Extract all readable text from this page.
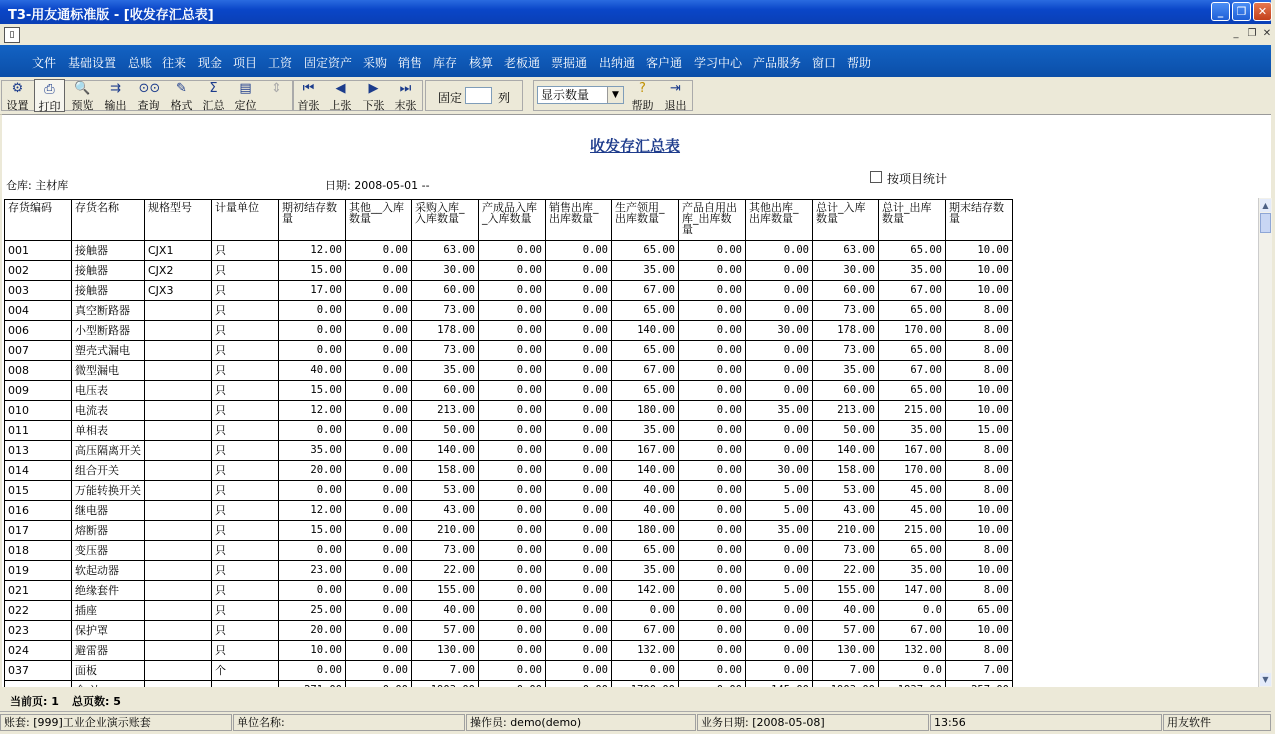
T3-用友通标准版 - [收发存汇总表]	_	❐	✕
▯	_ ❐ ✕
文件 基础设置 总账 往来 现金 项目 工资 固定资产 采购 销售 库存 核算 老板通 票据通 出纳通 客户通 学习中心 产品服务 窗口 帮助
⚙
设置
⎙
打印
🔍
预览
⇉
输出
⊙⊙
查询
✎
格式
Σ
汇总
▤
定位
⇕	⏮
首张
◀
上张
▶
下张
⏭
末张
固定	列	显示数量	▼	?
帮助
⇥
退出
收发存汇总表
仓库: 主材库	日期: 2008-05-01 --	按项目统计
存货编码	存货名称	规格型号	计量单位	期初结存数量	其他__入库数量	采购入库_入库数量	产成品入库_入库数量	销售出库_出库数量	生产领用_出库数量	产品自用出库_出库数量	其他出库_出库数量	总计_入库数量	总计_出库数量	期末结存数量
001	接触器	CJX1	只	12.00	0.00	63.00	0.00	0.00	65.00	0.00	0.00	63.00	65.00	10.00
002	接触器	CJX2	只	15.00	0.00	30.00	0.00	0.00	35.00	0.00	0.00	30.00	35.00	10.00
003	接触器	CJX3	只	17.00	0.00	60.00	0.00	0.00	67.00	0.00	0.00	60.00	67.00	10.00
004	真空断路器		只	0.00	0.00	73.00	0.00	0.00	65.00	0.00	0.00	73.00	65.00	8.00
006	小型断路器		只	0.00	0.00	178.00	0.00	0.00	140.00	0.00	30.00	178.00	170.00	8.00
007	塑壳式漏电		只	0.00	0.00	73.00	0.00	0.00	65.00	0.00	0.00	73.00	65.00	8.00
008	微型漏电		只	40.00	0.00	35.00	0.00	0.00	67.00	0.00	0.00	35.00	67.00	8.00
009	电压表		只	15.00	0.00	60.00	0.00	0.00	65.00	0.00	0.00	60.00	65.00	10.00
010	电流表		只	12.00	0.00	213.00	0.00	0.00	180.00	0.00	35.00	213.00	215.00	10.00
011	单相表		只	0.00	0.00	50.00	0.00	0.00	35.00	0.00	0.00	50.00	35.00	15.00
013	高压隔离开关		只	35.00	0.00	140.00	0.00	0.00	167.00	0.00	0.00	140.00	167.00	8.00
014	组合开关		只	20.00	0.00	158.00	0.00	0.00	140.00	0.00	30.00	158.00	170.00	8.00
015	万能转换开关		只	0.00	0.00	53.00	0.00	0.00	40.00	0.00	5.00	53.00	45.00	8.00
016	继电器		只	12.00	0.00	43.00	0.00	0.00	40.00	0.00	5.00	43.00	45.00	10.00
017	熔断器		只	15.00	0.00	210.00	0.00	0.00	180.00	0.00	35.00	210.00	215.00	10.00
018	变压器		只	0.00	0.00	73.00	0.00	0.00	65.00	0.00	0.00	73.00	65.00	8.00
019	软起动器		只	23.00	0.00	22.00	0.00	0.00	35.00	0.00	0.00	22.00	35.00	10.00
021	绝缘套件		只	0.00	0.00	155.00	0.00	0.00	142.00	0.00	5.00	155.00	147.00	8.00
022	插座		只	25.00	0.00	40.00	0.00	0.00	0.00	0.00	0.00	40.00	0.0	65.00
023	保护罩		只	20.00	0.00	57.00	0.00	0.00	67.00	0.00	0.00	57.00	67.00	10.00
024	避雷器		只	10.00	0.00	130.00	0.00	0.00	132.00	0.00	0.00	130.00	132.00	8.00
037	面板		个	0.00	0.00	7.00	0.00	0.00	0.00	0.00	0.00	7.00	0.0	7.00

▲
▼
当前页: 1 总页数: 5
账套: [999]工业企业演示账套	单位名称:	操作员: demo(demo)	业务日期: [2008-05-08]	13:56	用友软件
